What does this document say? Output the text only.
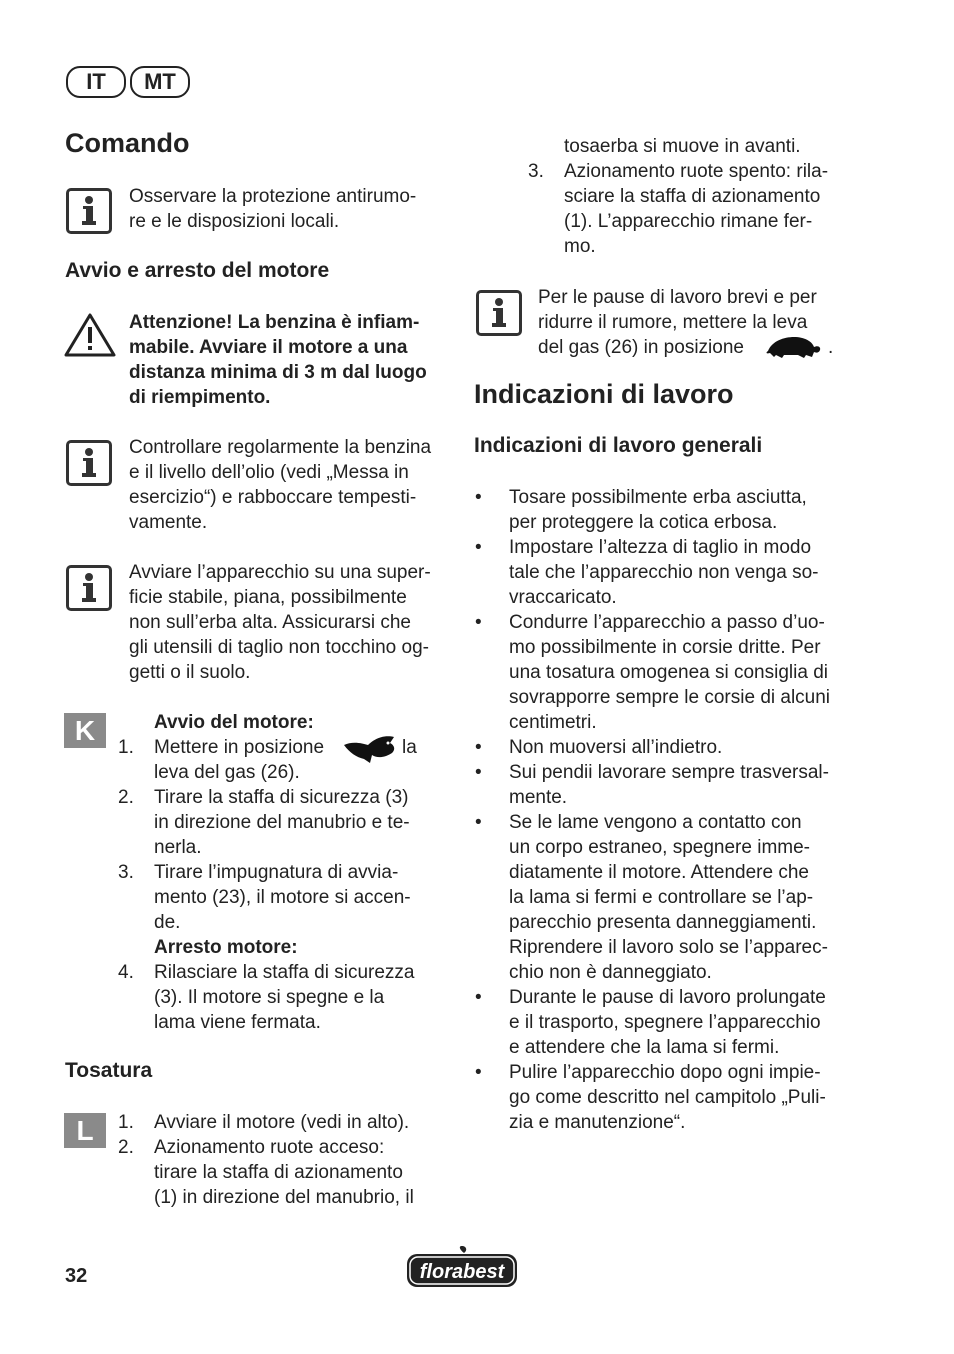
IT	MT
Comando
Osservare la protezione antirumo-
re e le disposizioni locali.
Avvio e arresto del motore
Attenzione! La benzina è infiam-
mabile. Avviare il motore a una
distanza minima di 3 m dal luogo
di riempimento.
Controllare regolarmente la benzina
e il livello dell’olio (vedi „Messa in
esercizio“) e rabboccare tempesti-
vamente.
Avviare l’apparecchio su una super-
ficie stabile, piana, possibilmente
non sull’erba alta. Assicurarsi che
gli utensili di taglio non tocchino og-
getti o il suolo.
K	Avvio del motore:
1. Mettere in posizione	la
leva del gas (26).
2. Tirare la staffa di sicurezza (3)
in direzione del manubrio e te-
nerla.
3. Tirare l’impugnatura di avvia-
mento (23), il motore si accen-
de.
Arresto motore:
4. Rilasciare la staffa di sicurezza
(3). Il motore si spegne e la
lama viene fermata.
Tosatura
L	1. Avviare il motore (vedi in alto).
2. Azionamento ruote acceso:
tirare la staffa di azionamento
(1) in direzione del manubrio, il
tosaerba si muove in avanti.
3. Azionamento ruote spento: rila-
sciare la staffa di azionamento
(1). L’apparecchio rimane fer-
mo.
Per le pause di lavoro brevi e per
ridurre il rumore, mettere la leva
del gas (26) in posizione	.
Indicazioni di lavoro
Indicazioni di lavoro generali
• Tosare possibilmente erba asciutta,
per proteggere la cotica erbosa.
• Impostare l’altezza di taglio in modo
tale che l’apparecchio non venga so-
vraccaricato.
• Condurre l’apparecchio a passo d’uo-
mo possibilmente in corsie dritte. Per
una tosatura omogenea si consiglia di
sovrapporre sempre le corsie di alcuni
centimetri.
• Non muoversi all’indietro.
• Sui pendii lavorare sempre trasversal-
mente.
• Se le lame vengono a contatto con
un corpo estraneo, spegnere imme-
diatamente il motore. Attendere che
la lama si fermi e controllare se l’ap-
parecchio presenta danneggiamenti.
Riprendere il lavoro solo se l’apparec-
chio non è danneggiato.
• Durante le pause di lavoro prolungate
e il trasporto, spegnere l’apparecchio
e attendere che la lama si fermi.
• Pulire l’apparecchio dopo ogni impie-
go come descritto nel campitolo „Puli-
zia e manutenzione“.
32	florabest
